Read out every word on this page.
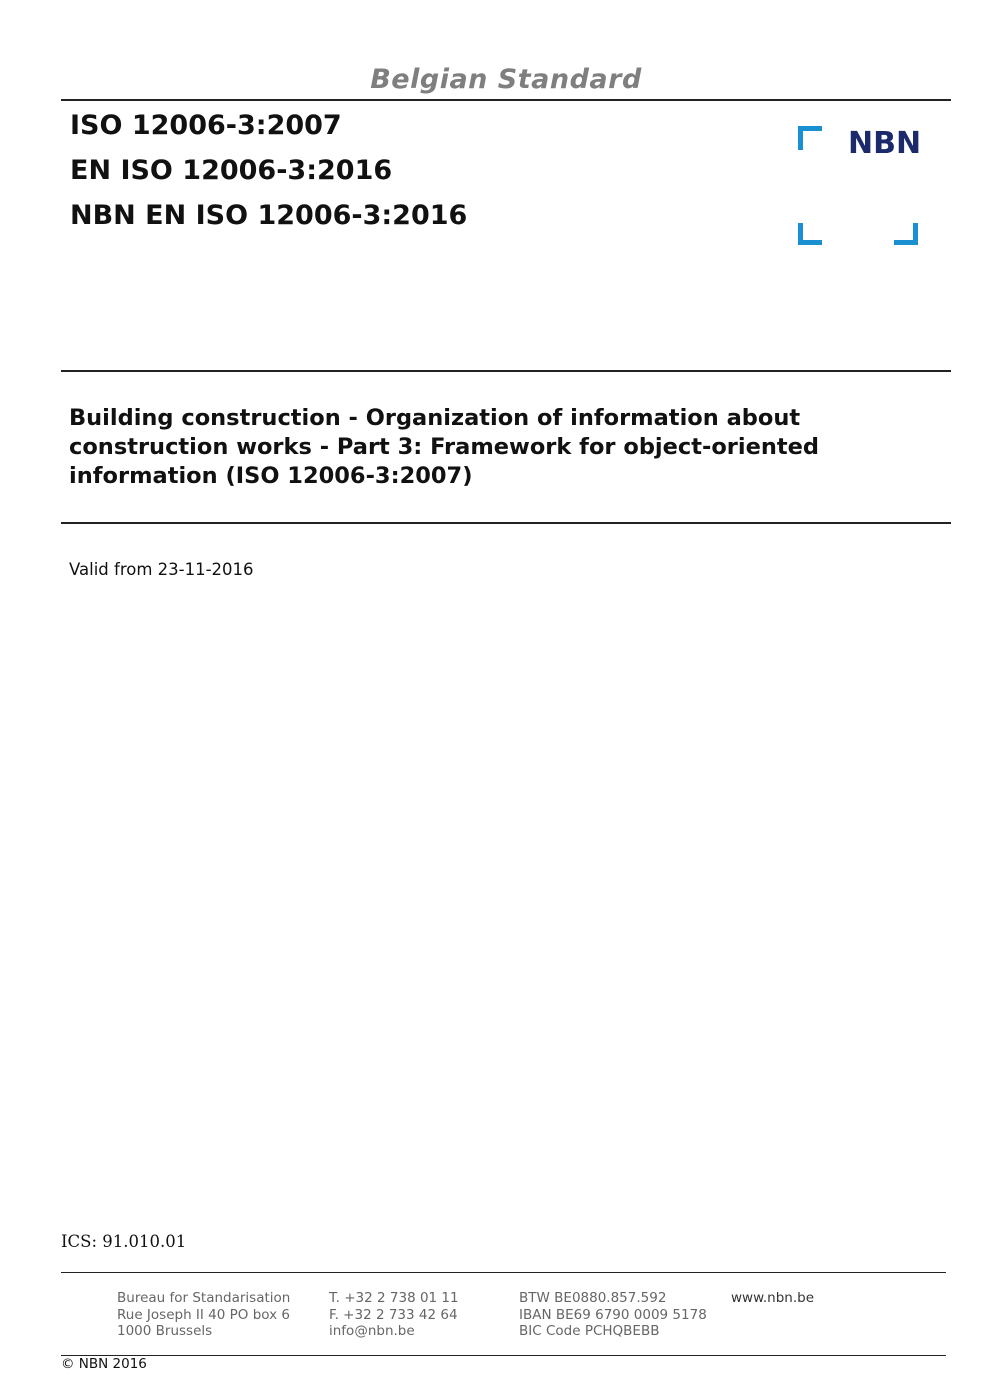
Belgian Standard
ISO 12006-3:2007
EN ISO 12006-3:2016
NBN EN ISO 12006-3:2016
NBN
Building construction - Organization of information about construction works - Part 3: Framework for object-oriented information (ISO 12006-3:2007)
Valid from 23-11-2016
ICS: 91.010.01
Bureau for Standarisation
Rue Joseph II 40 PO box 6
1000 Brussels
T. +32 2 738 01 11
F. +32 2 733 42 64
info@nbn.be
BTW BE0880.857.592
IBAN BE69 6790 0009 5178
BIC Code PCHQBEBB
www.nbn.be
© NBN 2016
